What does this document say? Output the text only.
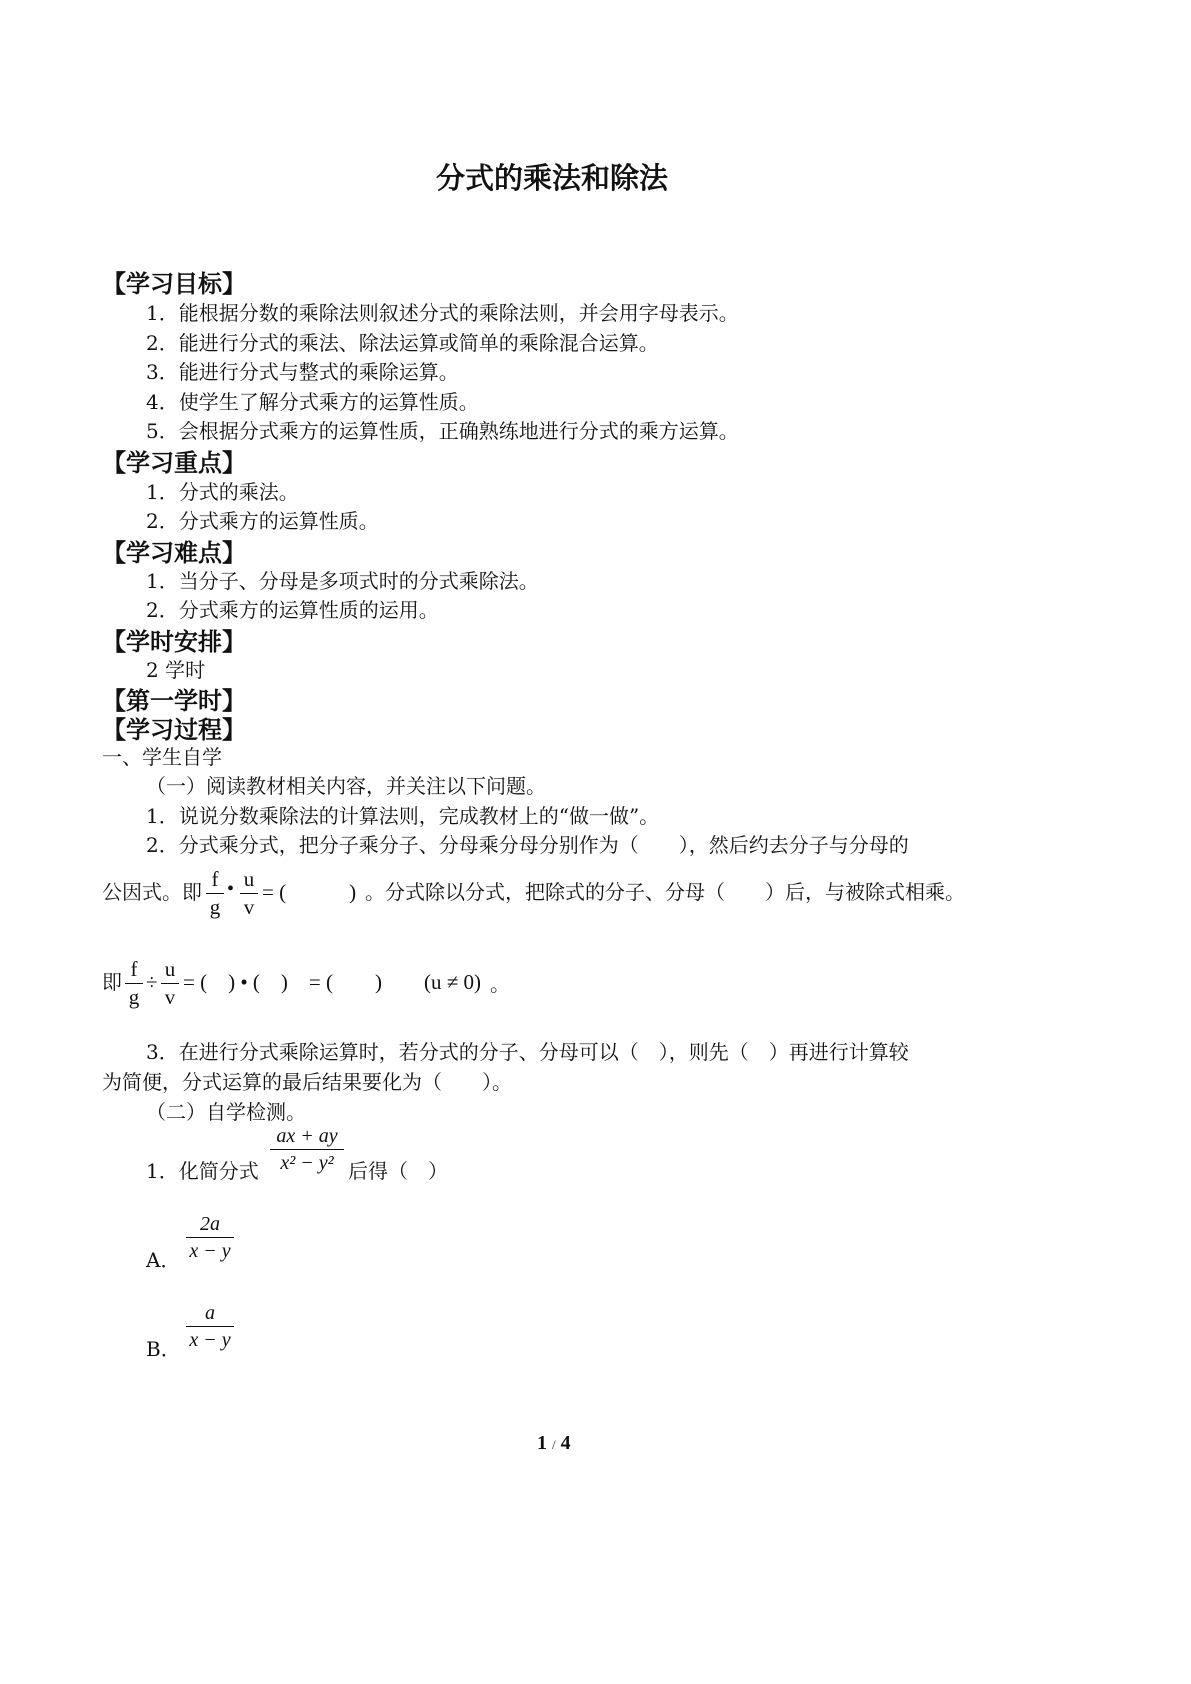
分式的乘法和除法
【学习目标】
1．能根据分数的乘除法则叙述分式的乘除法则，并会用字母表示。
2．能进行分式的乘法、除法运算或简单的乘除混合运算。
3．能进行分式与整式的乘除运算。
4．使学生了解分式乘方的运算性质。
5．会根据分式乘方的运算性质，正确熟练地进行分式的乘方运算。
【学习重点】
1．分式的乘法。
2．分式乘方的运算性质。
【学习难点】
1．当分子、分母是多项式时的分式乘除法。
2．分式乘方的运算性质的运用。
【学时安排】
2 学时
【第一学时】
【学习过程】
一、学生自学
（一）阅读教材相关内容，并关注以下问题。
1．说说分数乘除法的计算法则，完成教材上的“做一做”。
2．分式乘分式，把分子乘分子、分母乘分母分别作为（　　），然后约去分子与分母的
公因式。即
f
g
• u
v
= (   ) 。分式除以分式，把除式的分子、分母（　　）后，与被除式相乘。
即
f
g
÷
u
v
= (  ) • (  )  = (  ) (u ≠ 0) 。
3．在进行分式乘除运算时，若分式的分子、分母可以（　），则先（　）再进行计算较
为简便，分式运算的最后结果要化为（　　）。
（二）自学检测。
1．化简分式
ax + ay
x² − y² 后得（　）
A．
2a
x − y
B．
a
x − y
1 / 4
